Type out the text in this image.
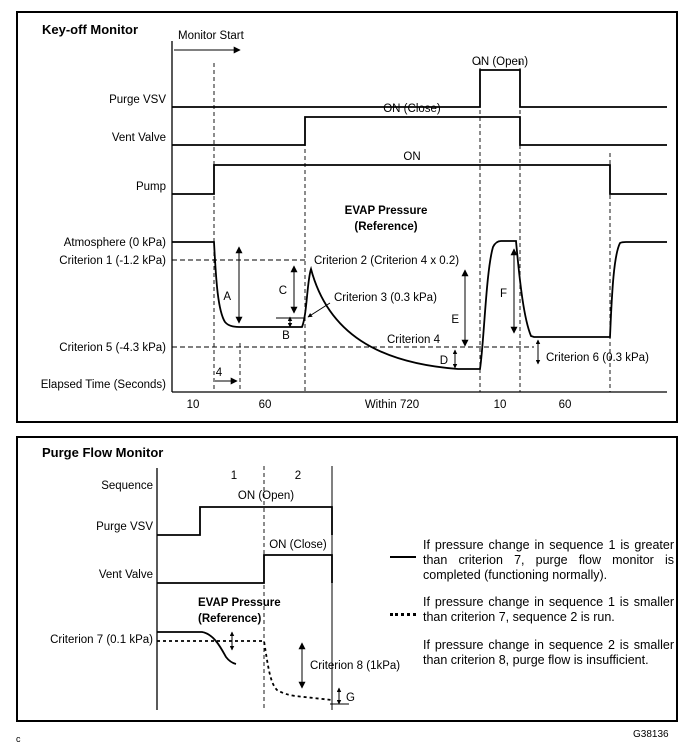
Key-off Monitor	Monitor Start
Purge VSV
Vent Valve
Pump
Atmosphere (0 kPa)
Criterion 1 (-1.2 kPa)
Criterion 5 (-4.3 kPa)
Elapsed Time (Seconds)
ON (Open)
ON (Close)
ON
EVAP Pressure
(Reference)
Criterion 2 (Criterion 4 x 0.2)
Criterion 3 (0.3 kPa)
Criterion 4
Criterion 6 (0.3 kPa)
A	C
B
D
E
F
10
4
60	Within 720	10	60
Purge Flow Monitor
Sequence
1	2
Purge VSV
Vent Valve
Criterion 7 (0.1 kPa)
ON (Open)
ON (Close)
EVAP Pressure
(Reference)
Criterion 8 (1kPa)
G

If pressure change in sequence 1 is greater than criterion 7, purge flow monitor is completed (functioning normally).

If pressure change in sequence 1 is smaller than criterion 7, sequence 2 is run.

If pressure change in sequence 2 is smaller than criterion 8, purge flow is insufficient.

G38136
c
